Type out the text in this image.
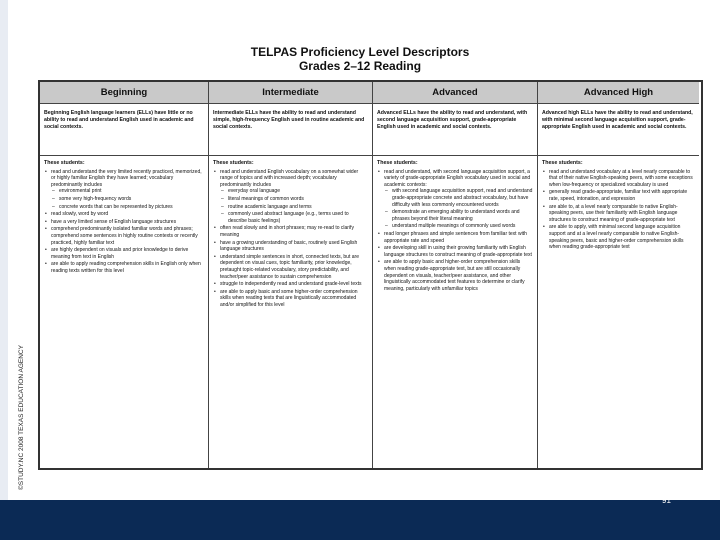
TELPAS Proficiency Level Descriptors
Grades 2–12 Reading
Beginning
Beginning English language learners (ELLs) have little or no ability to read and understand English used in academic and social contexts.
These students:
• read and understand the very limited recently practiced, memorized, or highly familiar English they have learned; vocabulary predominantly includes
– environmental print
– some very high-frequency words
– concrete words that can be represented by pictures
• read slowly, word by word
• have a very limited sense of English language structures
• comprehend predominantly isolated familiar words and phrases; comprehend some sentences in highly routine contexts or recently practiced, highly familiar text
• are highly dependent on visuals and prior knowledge to derive meaning from text in English
• are able to apply reading comprehension skills in English only when reading texts written for this level
Intermediate
Intermediate ELLs have the ability to read and understand simple, high-frequency English used in routine academic and social contexts.
These students:
• read and understand English vocabulary on a somewhat wider range of topics and with increased depth; vocabulary predominantly includes
– everyday oral language
– literal meanings of common words
– routine academic language and terms
– commonly used abstract language (e.g., terms used to describe basic feelings)
• often read slowly and in short phrases; may re-read to clarify meaning
• have a growing understanding of basic, routinely used English language structures
• understand simple sentences in short, connected texts, but are dependent on visual cues, topic familiarity, prior knowledge, pretaught topic-related vocabulary, story predictability, and teacher/peer assistance to sustain comprehension
• struggle to independently read and understand grade-level texts
• are able to apply basic and some higher-order comprehension skills when reading texts that are linguistically accommodated and/or simplified for this level
Advanced
Advanced ELLs have the ability to read and understand, with second language acquisition support, grade-appropriate English used in academic and social contexts.
These students:
• read and understand, with second language acquisition support, a variety of grade-appropriate English vocabulary used in social and academic contexts:
– with second language acquisition support, read and understand grade-appropriate concrete and abstract vocabulary, but have difficulty with less commonly encountered words
– demonstrate an emerging ability to understand words and phrases beyond their literal meaning
– understand multiple meanings of commonly used words
• read longer phrases and simple sentences from familiar text with appropriate rate and speed
• are developing skill in using their growing familiarity with English language structures to construct meaning of grade-appropriate text
• are able to apply basic and higher-order comprehension skills when reading grade-appropriate text, but are still occasionally dependent on visuals, teacher/peer assistance, and other linguistically accommodated text features to determine or clarify meaning, particularly with unfamiliar topics
Advanced High
Advanced high ELLs have the ability to read and understand, with minimal second language acquisition support, grade-appropriate English used in academic and social contexts.
These students:
• read and understand vocabulary at a level nearly comparable to that of their native English-speaking peers, with some exceptions when low-frequency or specialized vocabulary is used
• generally read grade-appropriate, familiar text with appropriate rate, speed, intonation, and expression
• are able to, at a level nearly comparable to native English-speaking peers, use their familiarity with English language structures to construct meaning of grade-appropriate text
• are able to apply, with minimal second language acquisition support and at a level nearly comparable to native English-speaking peers, basic and higher-order comprehension skills when reading grade-appropriate text
©STUDY.NC 2008 TEXAS EDUCATION AGENCY
91
